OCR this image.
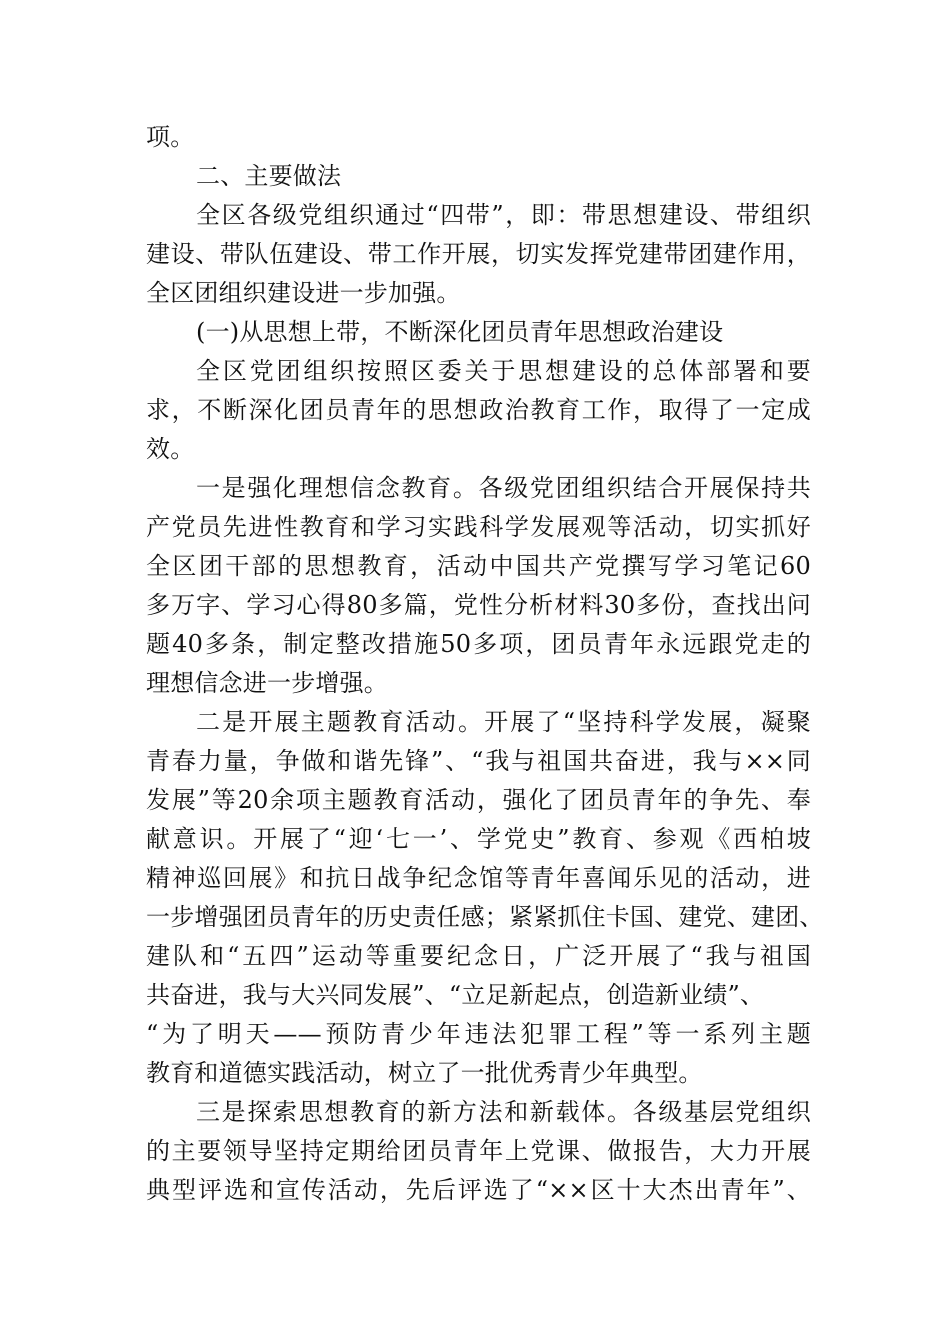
项。
二、主要做法
全区各级党组织通过“四带”，即：带思想建设、带组织
建设、带队伍建设、带工作开展，切实发挥党建带团建作用，
全区团组织建设进一步加强。
(一)从思想上带，不断深化团员青年思想政治建设
全区党团组织按照区委关于思想建设的总体部署和要
求，不断深化团员青年的思想政治教育工作，取得了一定成
效。
一是强化理想信念教育。各级党团组织结合开展保持共
产党员先进性教育和学习实践科学发展观等活动，切实抓好
全区团干部的思想教育，活动中国共产党撰写学习笔记60
多万字、学习心得80多篇，党性分析材料30多份，查找出问
题40多条，制定整改措施50多项，团员青年永远跟党走的
理想信念进一步增强。
二是开展主题教育活动。开展了“坚持科学发展，凝聚
青春力量，争做和谐先锋”、“我与祖国共奋进，我与××同
发展”等20余项主题教育活动，强化了团员青年的争先、奉
献意识。开展了“迎‘七一’、学党史”教育、参观《西柏坡
精神巡回展》和抗日战争纪念馆等青年喜闻乐见的活动，进
一步增强团员青年的历史责任感；紧紧抓住卡国、建党、建团、
建队和“五四”运动等重要纪念日，广泛开展了“我与祖国
共奋进，我与大兴同发展”、“立足新起点，创造新业绩”、
“为了明天——预防青少年违法犯罪工程”等一系列主题
教育和道德实践活动，树立了一批优秀青少年典型。
三是探索思想教育的新方法和新载体。各级基层党组织
的主要领导坚持定期给团员青年上党课、做报告，大力开展
典型评选和宣传活动，先后评选了“××区十大杰出青年”、
